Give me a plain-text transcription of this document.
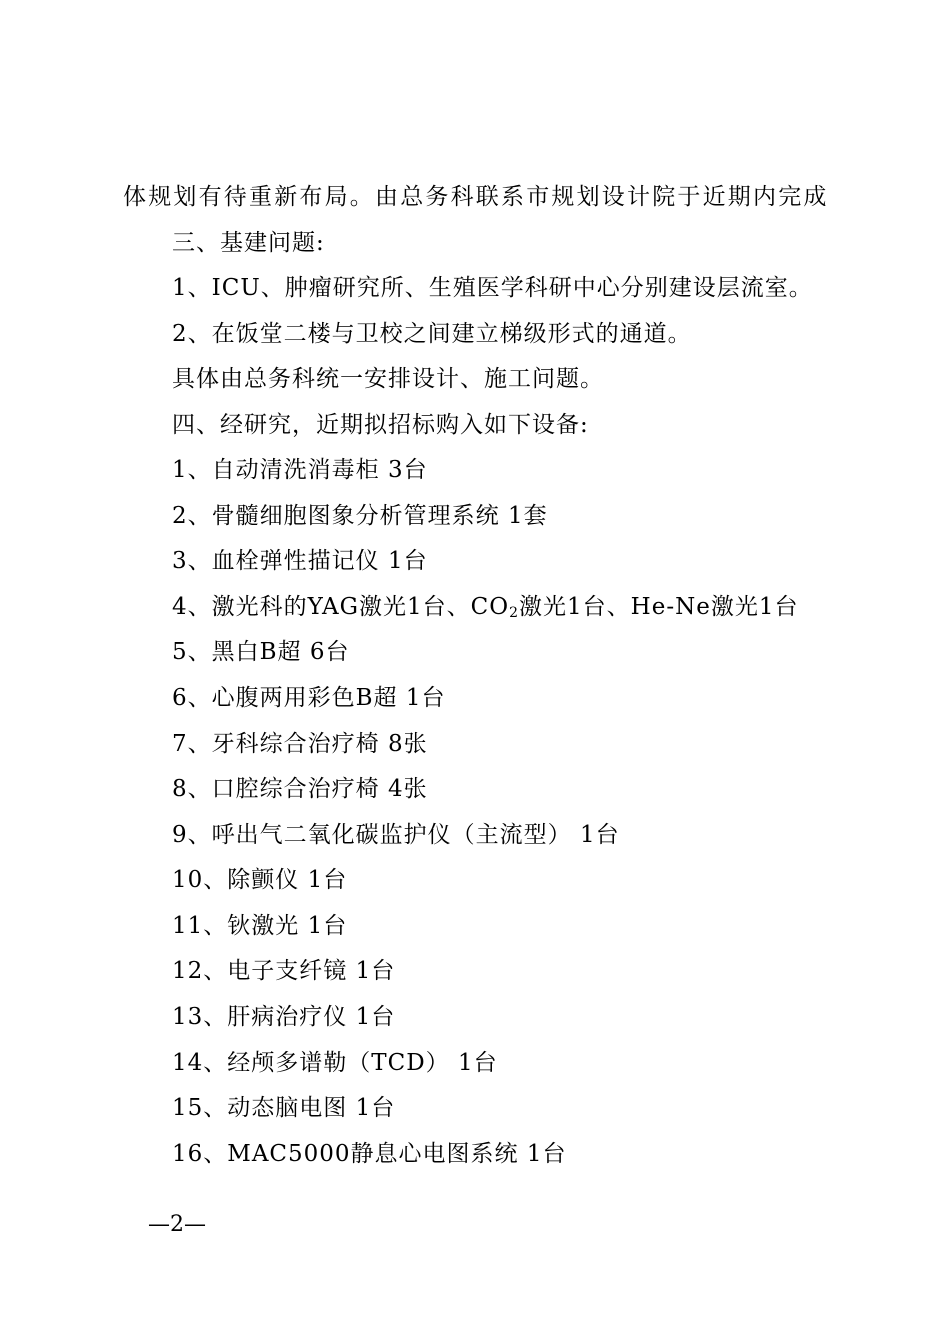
体规划有待重新布局。由总务科联系市规划设计院于近期内完成
三、基建问题:
1、ICU、肿瘤研究所、生殖医学科研中心分别建设层流室。
2、在饭堂二楼与卫校之间建立梯级形式的通道。
具体由总务科统一安排设计、施工问题。
四、经研究，近期拟招标购入如下设备:
1、自动清洗消毒柜 3台
2、骨髓细胞图象分析管理系统 1套
3、血栓弹性描记仪 1台
4、激光科的YAG激光1台、$CO_2$激光1台、He-Ne激光1台
5、黑白B超 6台
6、心腹两用彩色B超 1台
7、牙科综合治疗椅 8张
8、口腔综合治疗椅 4张
9、呼出气二氧化碳监护仪（主流型） 1台
10、除颤仪 1台
11、钬激光 1台
12、电子支纤镜 1台
13、肝病治疗仪 1台
14、经颅多谱勒（TCD） 1台
15、动态脑电图 1台
16、MAC5000静息心电图系统 1台
—2—
